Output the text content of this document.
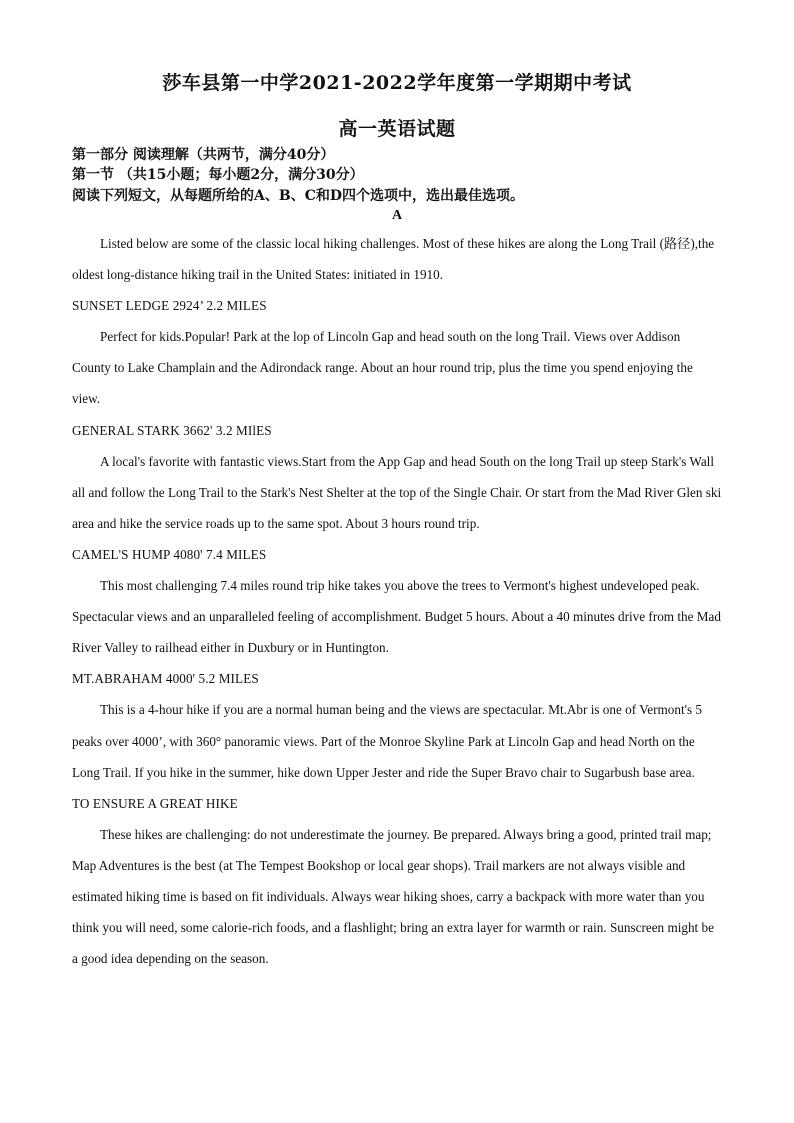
莎车县第一中学2021-2022学年度第一学期期中考试
高一英语试题
第一部分 阅读理解（共两节，满分40分）
第一节 （共15小题；每小题2分，满分30分）
阅读下列短文，从每题所给的A、B、C和D四个选项中，选出最佳选项。
A

Listed below are some of the classic local hiking challenges. Most of these hikes are along the Long Trail (路径),the oldest long-distance hiking trail in the United States: initiated in 1910.

SUNSET LEDGE 2924’ 2.2 MILES

Perfect for kids.Popular! Park at the lop of Lincoln Gap and head south on the long Trail. Views over Addison County to Lake Champlain and the Adirondack range. About an hour round trip, plus the time you spend enjoying the view.

GENERAL STARK 3662' 3.2 MIlES

A local's favorite with fantastic views.Start from the App Gap and head South on the long Trail up steep Stark's Wall all and follow the Long Trail to the Stark's Nest Shelter at the top of the Single Chair. Or start from the Mad River Glen ski area and hike the service roads up to the same spot. About 3 hours round trip.

CAMEL'S HUMP 4080' 7.4 MILES

This most challenging 7.4 miles round trip hike takes you above the trees to Vermont's highest undeveloped peak. Spectacular views and an unparalleled feeling of accomplishment. Budget 5 hours. About a 40 minutes drive from the Mad River Valley to railhead either in Duxbury or in Huntington.

MT.ABRAHAM 4000' 5.2 MILES

This is a 4-hour hike if you are a normal human being and the views are spectacular. Mt.Abr is one of Vermont's 5 peaks over 4000’, with 360° panoramic views. Part of the Monroe Skyline Park at Lincoln Gap and head North on the Long Trail. If you hike in the summer, hike down Upper Jester and ride the Super Bravo chair to Sugarbush base area.

TO ENSURE A GREAT HIKE

These hikes are challenging: do not underestimate the journey. Be prepared. Always bring a good, printed trail map; Map Adventures is the best (at The Tempest Bookshop or local gear shops). Trail markers are not always visible and estimated hiking time is based on fit individuals. Always wear hiking shoes, carry a backpack with more water than you think you will need, some calorie-rich foods, and a flashlight; bring an extra layer for warmth or rain. Sunscreen might be a good idea depending on the season.
